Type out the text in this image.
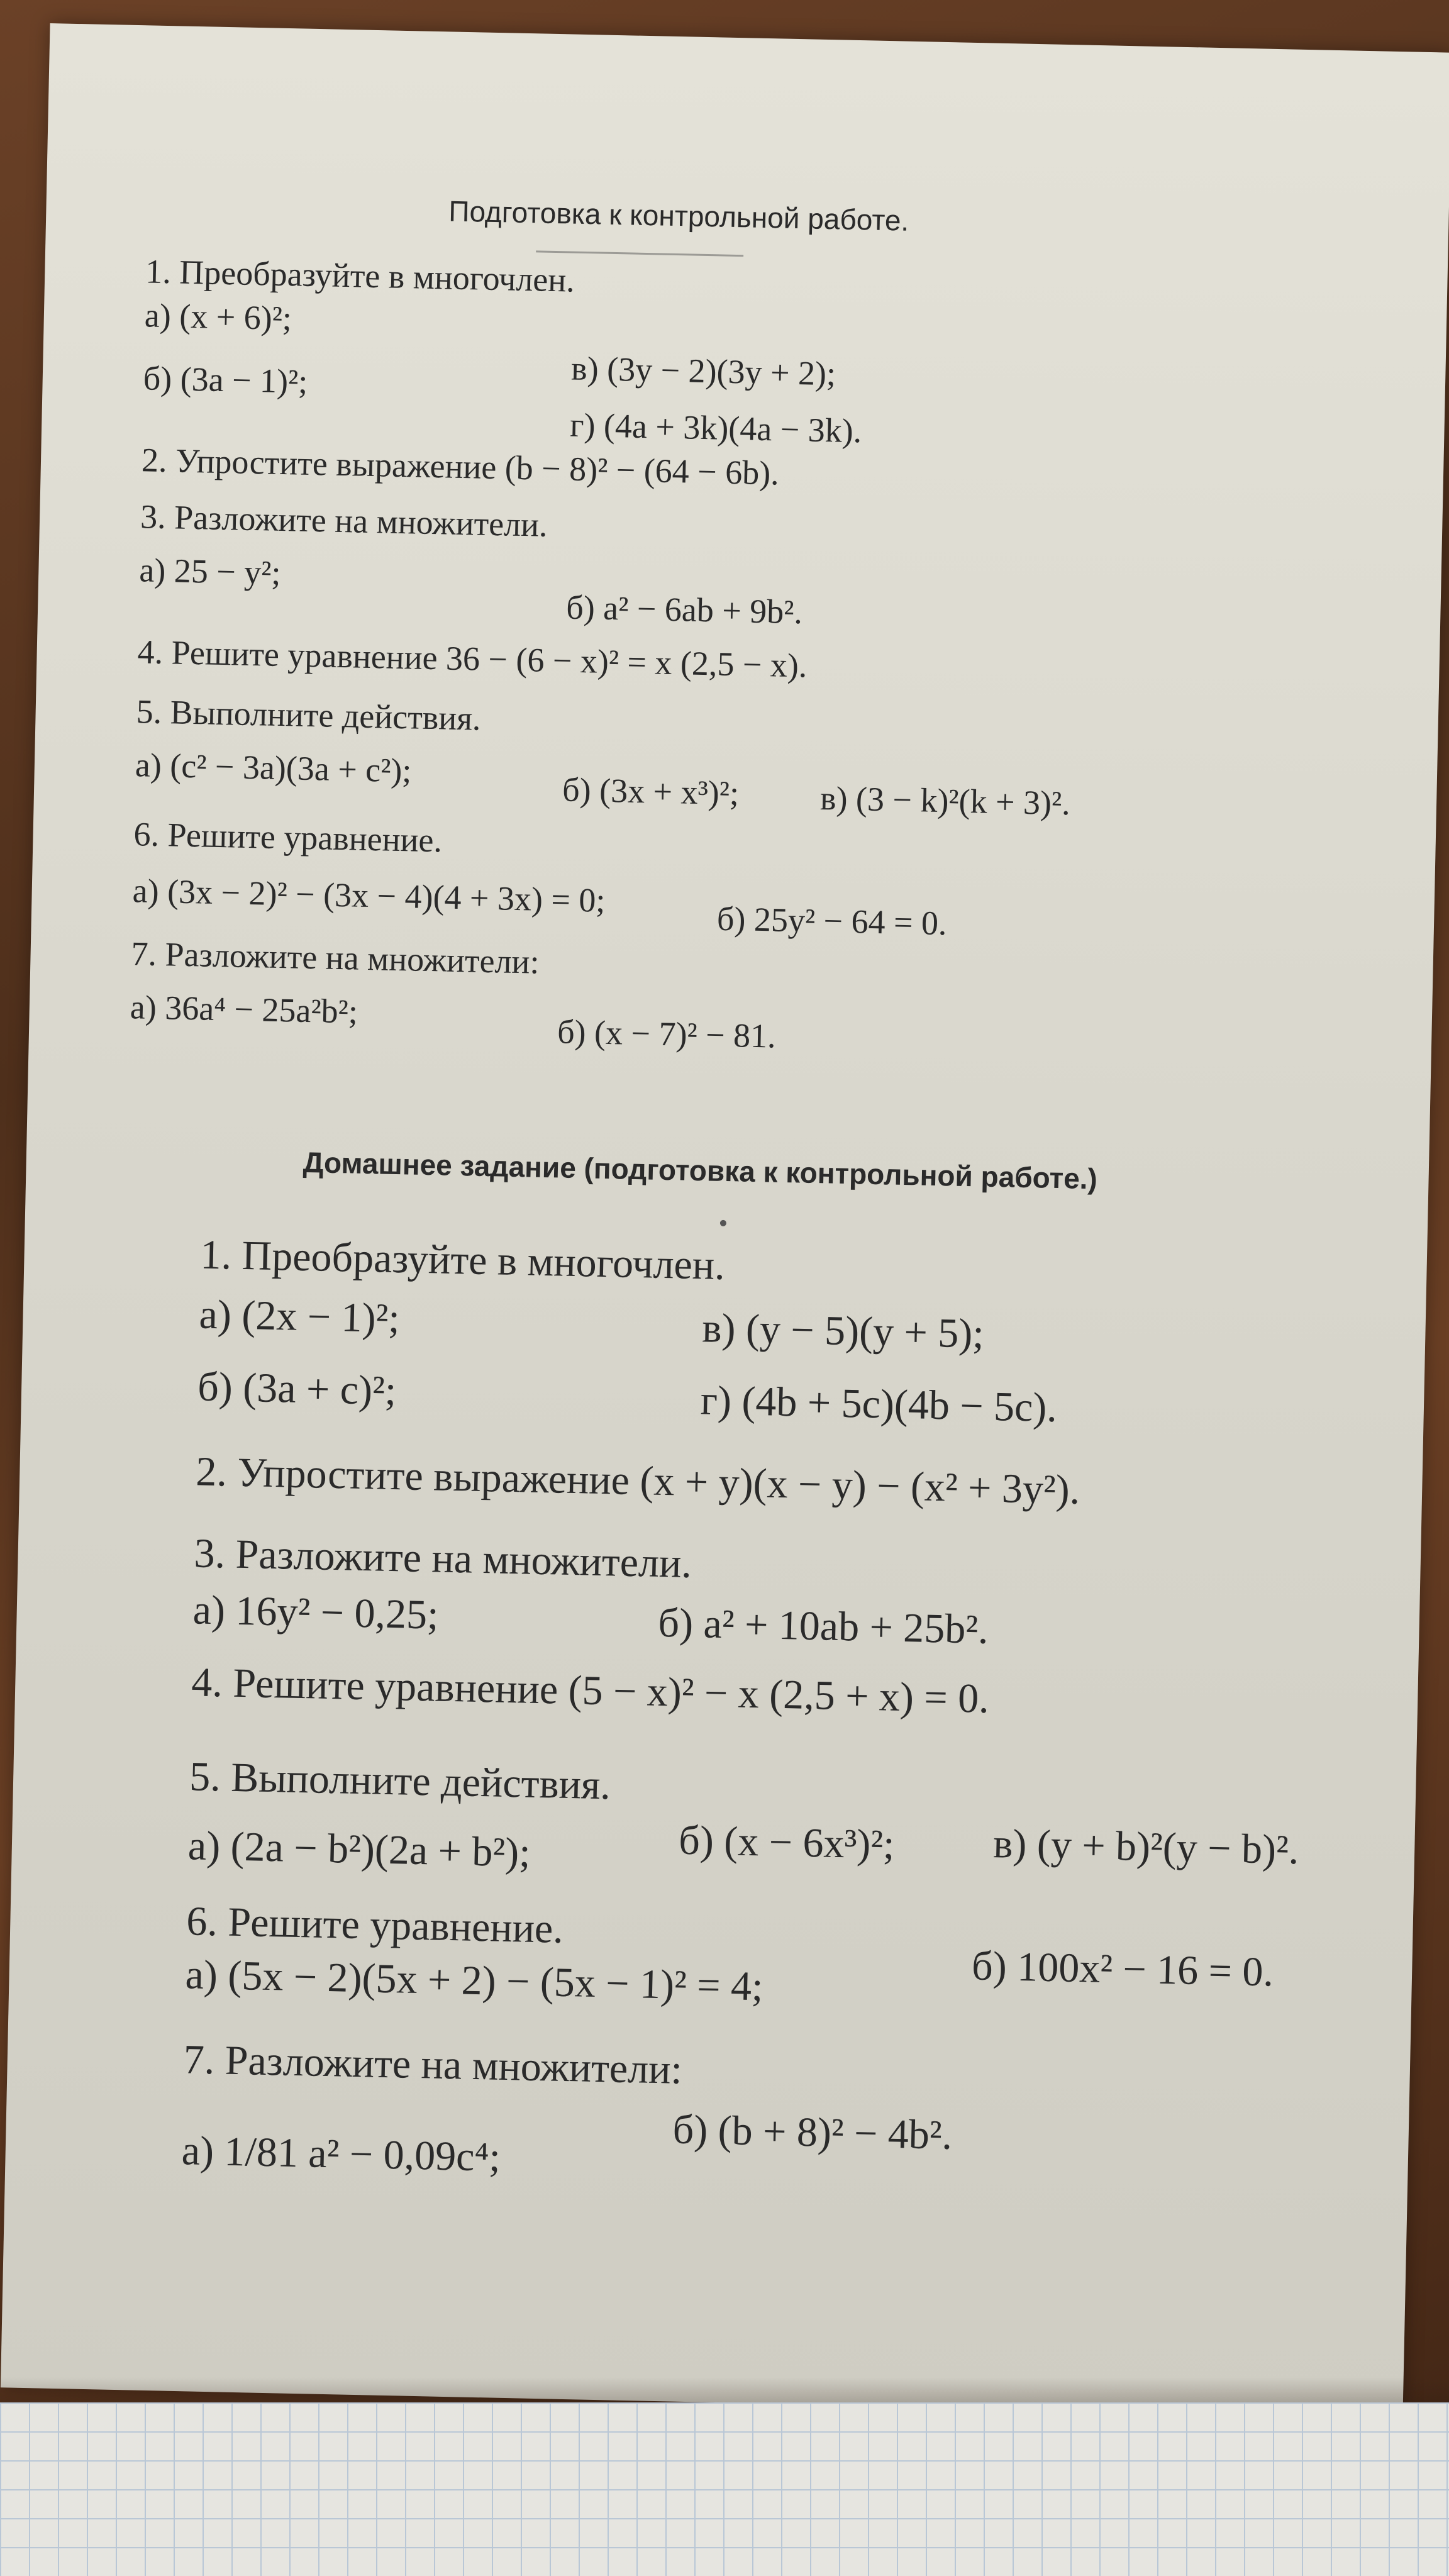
Подготовка к контрольной работе.
1. Преобразуйте в многочлен.
а) (x + 6)²;
б) (3a − 1)²;	в) (3y − 2)(3y + 2);
г) (4a + 3k)(4a − 3k).
2. Упростите выражение (b − 8)² − (64 − 6b).
3. Разложите на множители.
а) 25 − y²;
б) a² − 6ab + 9b².
4. Решите уравнение 36 − (6 − x)² = x (2,5 − x).
5. Выполните действия.
а) (c² − 3a)(3a + c²);
б) (3x + x³)²; в) (3 − k)²(k + 3)².
6. Решите уравнение.
а) (3x − 2)² − (3x − 4)(4 + 3x) = 0;
б) 25y² − 64 = 0.
7. Разложите на множители:
а) 36a⁴ − 25a²b²;
б) (x − 7)² − 81.
Домашнее задание (подготовка к контрольной работе.)
1. Преобразуйте в многочлен.
а) (2x − 1)²;	в) (y − 5)(y + 5);
б) (3a + c)²;	г) (4b + 5c)(4b − 5c).
2. Упростите выражение (x + y)(x − y) − (x² + 3y²).
3. Разложите на множители.
а) 16y² − 0,25;	б) a² + 10ab + 25b².
4. Решите уравнение (5 − x)² − x (2,5 + x) = 0.
5. Выполните действия.
а) (2a − b²)(2a + b²);	б) (x − 6x³)²; в) (y + b)²(y − b)².
6. Решите уравнение.
а) (5x − 2)(5x + 2) − (5x − 1)² = 4;	б) 100x² − 16 = 0.
7. Разложите на множители:
а) 1/81 a² − 0,09c⁴;	б) (b + 8)² − 4b².
